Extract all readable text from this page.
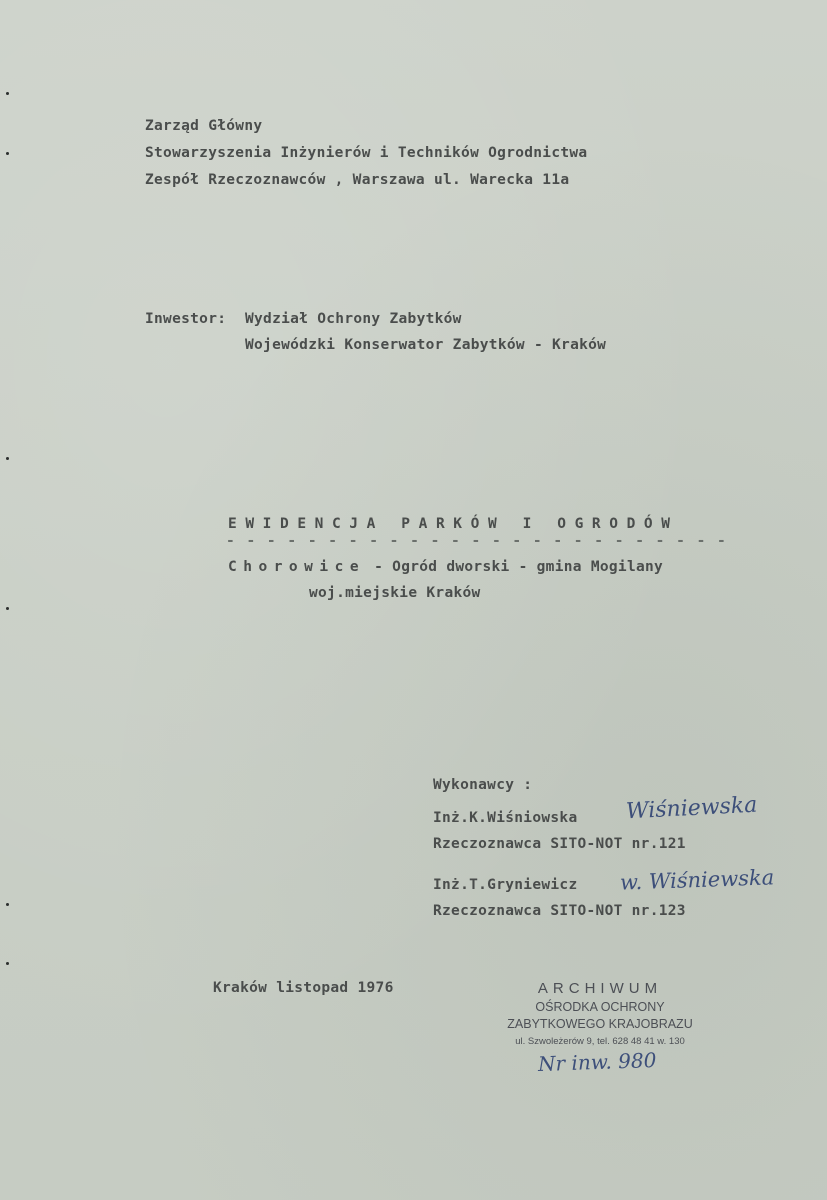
Zarząd Główny

Stowarzyszenia Inżynierów i Techników Ogrodnictwa

Zespół Rzeczoznawców , Warszawa ul. Warecka 11a

Inwestor: Wydział Ochrony Zabytków

Wojewódzki Konserwator Zabytków - Kraków

EWIDENCJA PARKÓW I OGRODÓW

- - - - - - - - - - - - - - - - - - - - - - - - -

Chorowice - Ogród dworski - gmina Mogilany

woj.miejskie Kraków

Wykonawcy :

Inż.K.Wiśniowska Wiśniewska

Rzeczoznawca SITO-NOT nr.121

Inż.T.Gryniewicz w. Wiśniewska

Rzeczoznawca SITO-NOT nr.123

Kraków listopad 1976	ARCHIWUM
OŚRODKA OCHRONY
ZABYTKOWEGO KRAJOBRAZU
ul. Szwoleżerów 9, tel. 628 48 41 w. 130
Nr inw. 980
